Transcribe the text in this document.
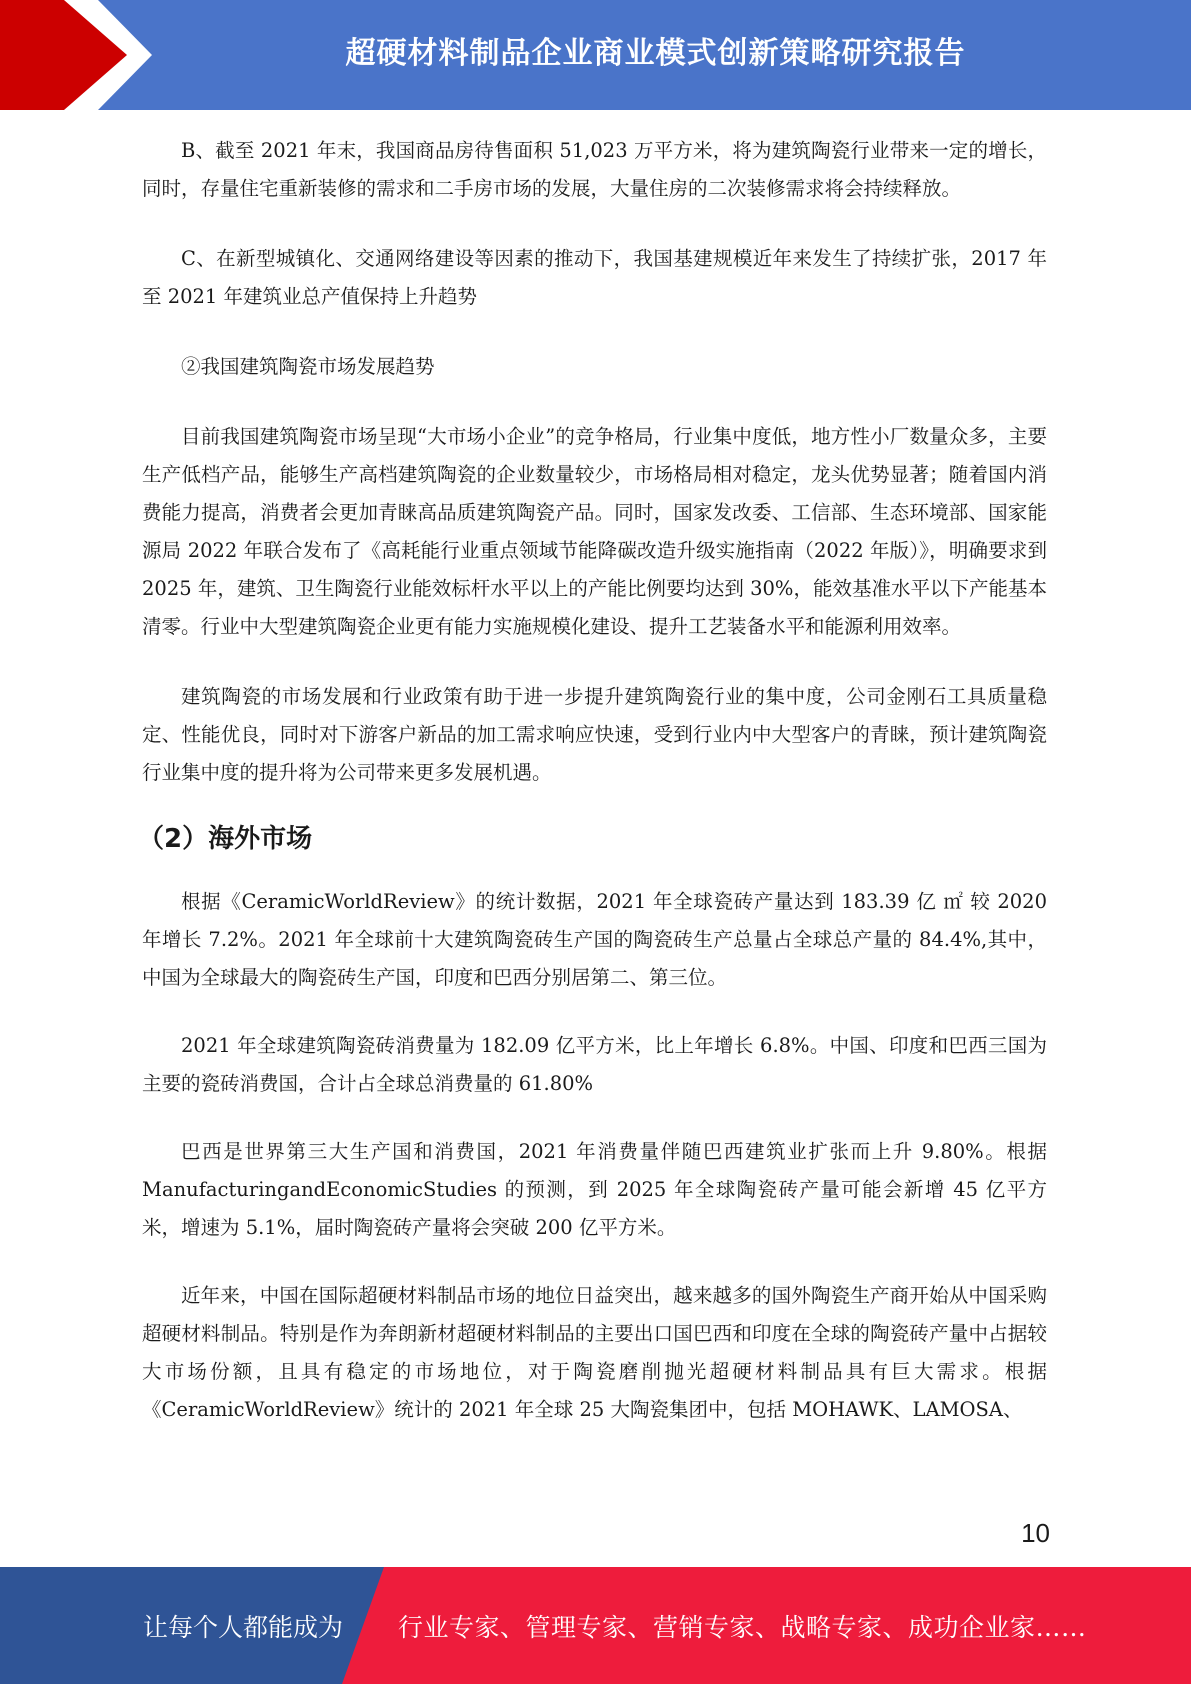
超硬材料制品企业商业模式创新策略研究报告

B、截至 2021 年末，我国商品房待售面积 51,023 万平方米，将为建筑陶瓷行业带来一定的增长，同时，存量住宅重新装修的需求和二手房市场的发展，大量住房的二次装修需求将会持续释放。

C、在新型城镇化、交通网络建设等因素的推动下，我国基建规模近年来发生了持续扩张，2017 年至 2021 年建筑业总产值保持上升趋势

②我国建筑陶瓷市场发展趋势

目前我国建筑陶瓷市场呈现“大市场小企业”的竞争格局，行业集中度低，地方性小厂数量众多，主要生产低档产品，能够生产高档建筑陶瓷的企业数量较少，市场格局相对稳定，龙头优势显著；随着国内消费能力提高，消费者会更加青睐高品质建筑陶瓷产品。同时，国家发改委、工信部、生态环境部、国家能源局 2022 年联合发布了《高耗能行业重点领域节能降碳改造升级实施指南（2022 年版）》，明确要求到 2025 年，建筑、卫生陶瓷行业能效标杆水平以上的产能比例要均达到 30%，能效基准水平以下产能基本清零。行业中大型建筑陶瓷企业更有能力实施规模化建设、提升工艺装备水平和能源利用效率。

建筑陶瓷的市场发展和行业政策有助于进一步提升建筑陶瓷行业的集中度，公司金刚石工具质量稳定、性能优良，同时对下游客户新品的加工需求响应快速，受到行业内中大型客户的青睐，预计建筑陶瓷行业集中度的提升将为公司带来更多发展机遇。

（2）海外市场

根据《CeramicWorldReview》的统计数据，2021 年全球瓷砖产量达到 183.39 亿 ㎡ 较 2020 年增长 7.2%。2021 年全球前十大建筑陶瓷砖生产国的陶瓷砖生产总量占全球总产量的 84.4%,其中，中国为全球最大的陶瓷砖生产国，印度和巴西分别居第二、第三位。

2021 年全球建筑陶瓷砖消费量为 182.09 亿平方米，比上年增长 6.8%。中国、印度和巴西三国为主要的瓷砖消费国，合计占全球总消费量的 61.80%

巴西是世界第三大生产国和消费国，2021 年消费量伴随巴西建筑业扩张而上升 9.80%。根据 ManufacturingandEconomicStudies 的预测，到 2025 年全球陶瓷砖产量可能会新增 45 亿平方米，增速为 5.1%，届时陶瓷砖产量将会突破 200 亿平方米。

近年来，中国在国际超硬材料制品市场的地位日益突出，越来越多的国外陶瓷生产商开始从中国采购超硬材料制品。特别是作为奔朗新材超硬材料制品的主要出口国巴西和印度在全球的陶瓷砖产量中占据较大市场份额，且具有稳定的市场地位，对于陶瓷磨削抛光超硬材料制品具有巨大需求。根据《CeramicWorldReview》统计的 2021 年全球 25 大陶瓷集团中，包括 MOHAWK、LAMOSA、

10
让每个人都能成为 行业专家、管理专家、营销专家、战略专家、成功企业家……
